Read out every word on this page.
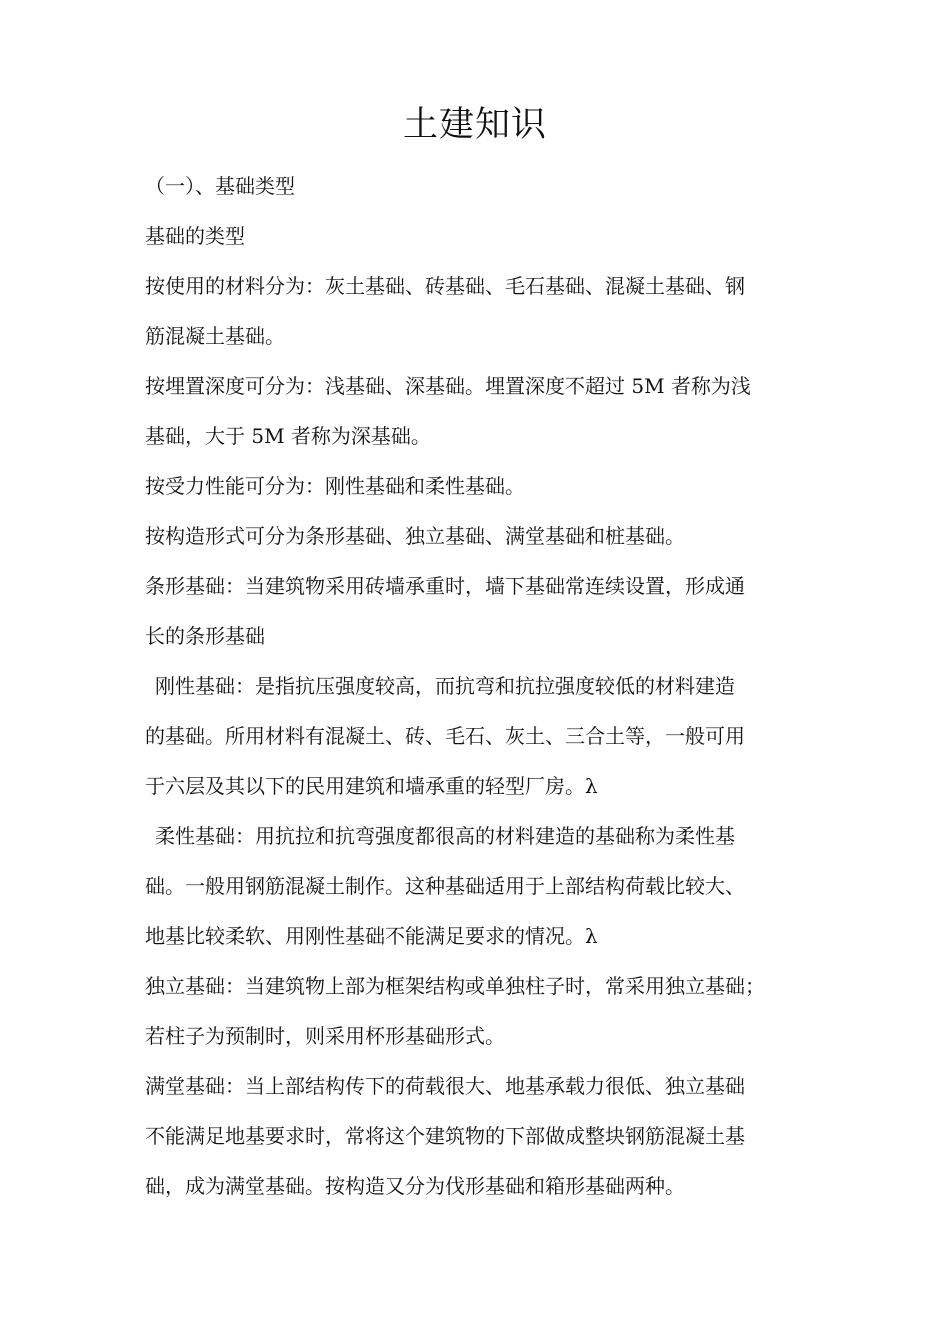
土建知识
（一）、基础类型
基础的类型
按使用的材料分为：灰土基础、砖基础、毛石基础、混凝土基础、钢
筋混凝土基础。
按埋置深度可分为：浅基础、深基础。埋置深度不超过 5M 者称为浅
基础，大于 5M 者称为深基础。
按受力性能可分为：刚性基础和柔性基础。
按构造形式可分为条形基础、独立基础、满堂基础和桩基础。
条形基础：当建筑物采用砖墙承重时，墙下基础常连续设置，形成通
长的条形基础
刚性基础：是指抗压强度较高，而抗弯和抗拉强度较低的材料建造
的基础。所用材料有混凝土、砖、毛石、灰土、三合土等，一般可用
于六层及其以下的民用建筑和墙承重的轻型厂房。λ
柔性基础：用抗拉和抗弯强度都很高的材料建造的基础称为柔性基
础。一般用钢筋混凝土制作。这种基础适用于上部结构荷载比较大、
地基比较柔软、用刚性基础不能满足要求的情况。λ
独立基础：当建筑物上部为框架结构或单独柱子时，常采用独立基础；
若柱子为预制时，则采用杯形基础形式。
满堂基础：当上部结构传下的荷载很大、地基承载力很低、独立基础
不能满足地基要求时，常将这个建筑物的下部做成整块钢筋混凝土基
础，成为满堂基础。按构造又分为伐形基础和箱形基础两种。
